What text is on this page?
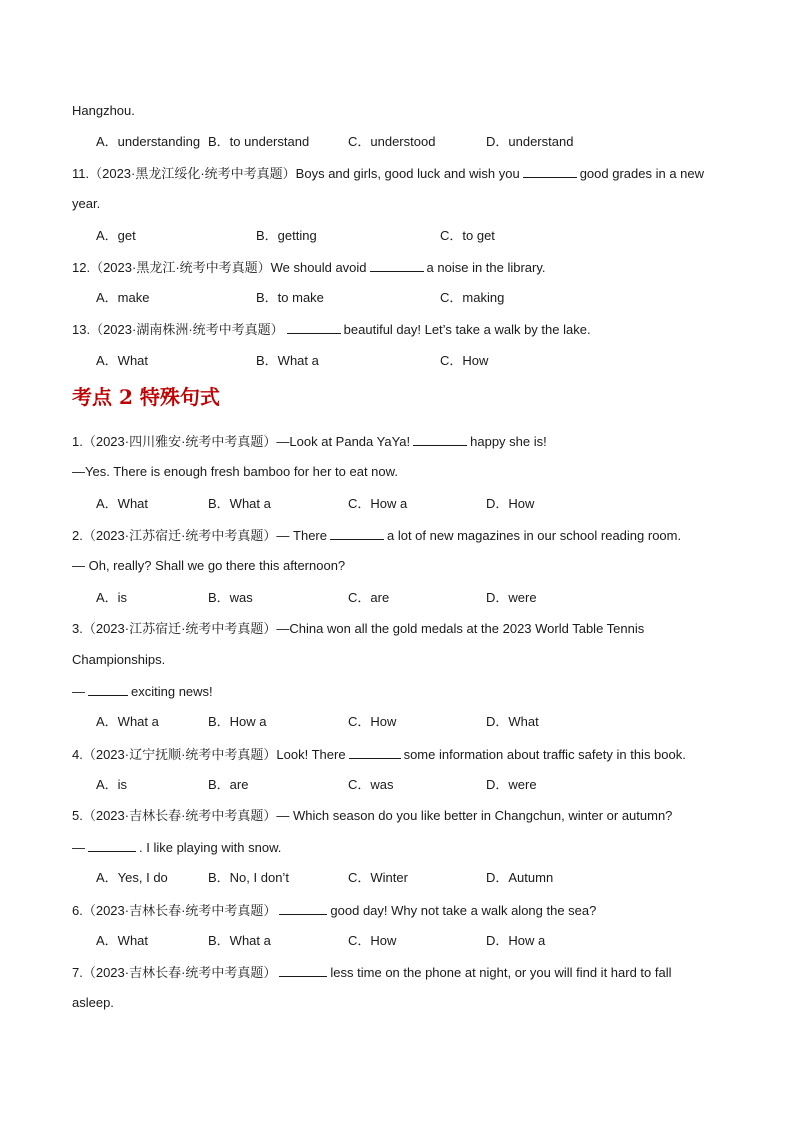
Hangzhou.
A．understanding B．to understand	C．understood	D．understand
11.（2023·黑龙江绥化·统考中考真题）Boys and girls, good luck and wish you	good grades in a new
year.
A．get	B．getting	C．to get
12.（2023·黑龙江·统考中考真题）We should avoid	a noise in the library.
A．make	B．to make	C．making
13.（2023·湖南株洲·统考中考真题）	beautiful day! Let’s take a walk by the lake.
A．What	B．What a	C．How
考点 2 特殊句式
1.（2023·四川雅安·统考中考真题）—Look at Panda YaYa!	happy she is!
—Yes. There is enough fresh bamboo for her to eat now.
A．What	B．What a	C．How a	D．How
2.（2023·江苏宿迁·统考中考真题）— There	a lot of new magazines in our school reading room.
— Oh, really? Shall we go there this afternoon?
A．is	B．was	C．are	D．were
3.（2023·江苏宿迁·统考中考真题）—China won all the gold medals at the 2023 World Table Tennis
Championships.
—	exciting news!
A．What a	B．How a	C．How	D．What
4.（2023·辽宁抚顺·统考中考真题）Look! There	some information about traffic safety in this book.
A．is	B．are	C．was	D．were
5.（2023·吉林长春·统考中考真题）— Which season do you like better in Changchun, winter or autumn?
—	. I like playing with snow.
A．Yes, I do	B．No, I don’t	C．Winter	D．Autumn
6.（2023·吉林长春·统考中考真题）	good day! Why not take a walk along the sea?
A．What	B．What a	C．How	D．How a
7.（2023·吉林长春·统考中考真题）	less time on the phone at night, or you will find it hard to fall
asleep.
